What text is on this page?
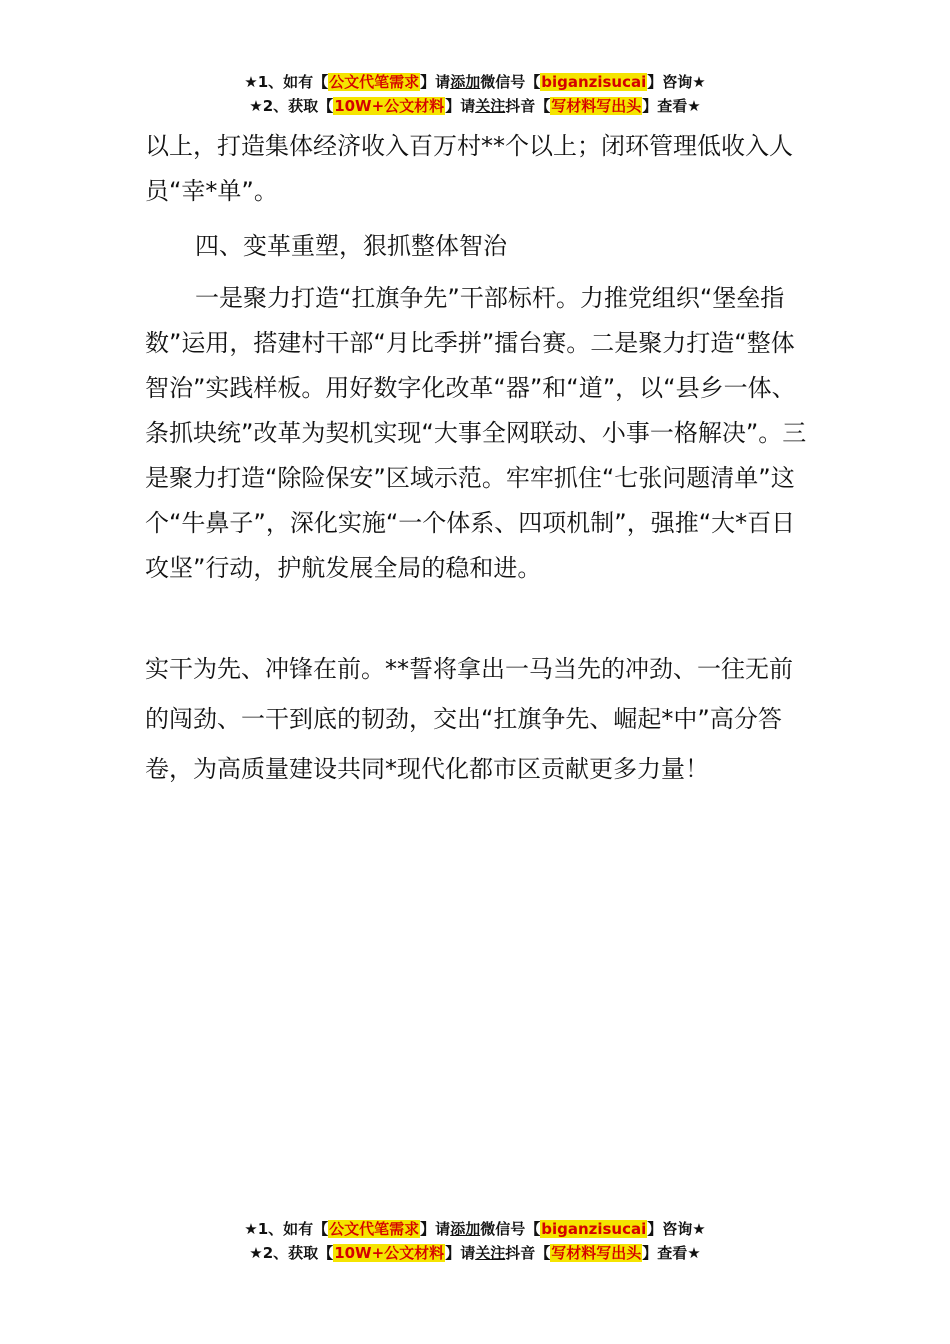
★1、如有【公文代笔需求】请添加微信号【biganzisucai】咨询★
★2、获取【10W+公文材料】请关注抖音【写材料写出头】查看★

以上，打造集体经济收入百万村**个以上；闭环管理低收入人员“幸*单”。

四、变革重塑，狠抓整体智治

一是聚力打造“扛旗争先”干部标杆。力推党组织“堡垒指数”运用，搭建村干部“月比季拼”擂台赛。二是聚力打造“整体智治”实践样板。用好数字化改革“器”和“道”，以“县乡一体、条抓块统”改革为契机实现“大事全网联动、小事一格解决”。三是聚力打造“除险保安”区域示范。牢牢抓住“七张问题清单”这个“牛鼻子”，深化实施“一个体系、四项机制”，强推“大*百日攻坚”行动，护航发展全局的稳和进。

实干为先、冲锋在前。**誓将拿出一马当先的冲劲、一往无前的闯劲、一干到底的韧劲，交出“扛旗争先、崛起*中”高分答卷，为高质量建设共同*现代化都市区贡献更多力量！

★1、如有【公文代笔需求】请添加微信号【biganzisucai】咨询★
★2、获取【10W+公文材料】请关注抖音【写材料写出头】查看★
